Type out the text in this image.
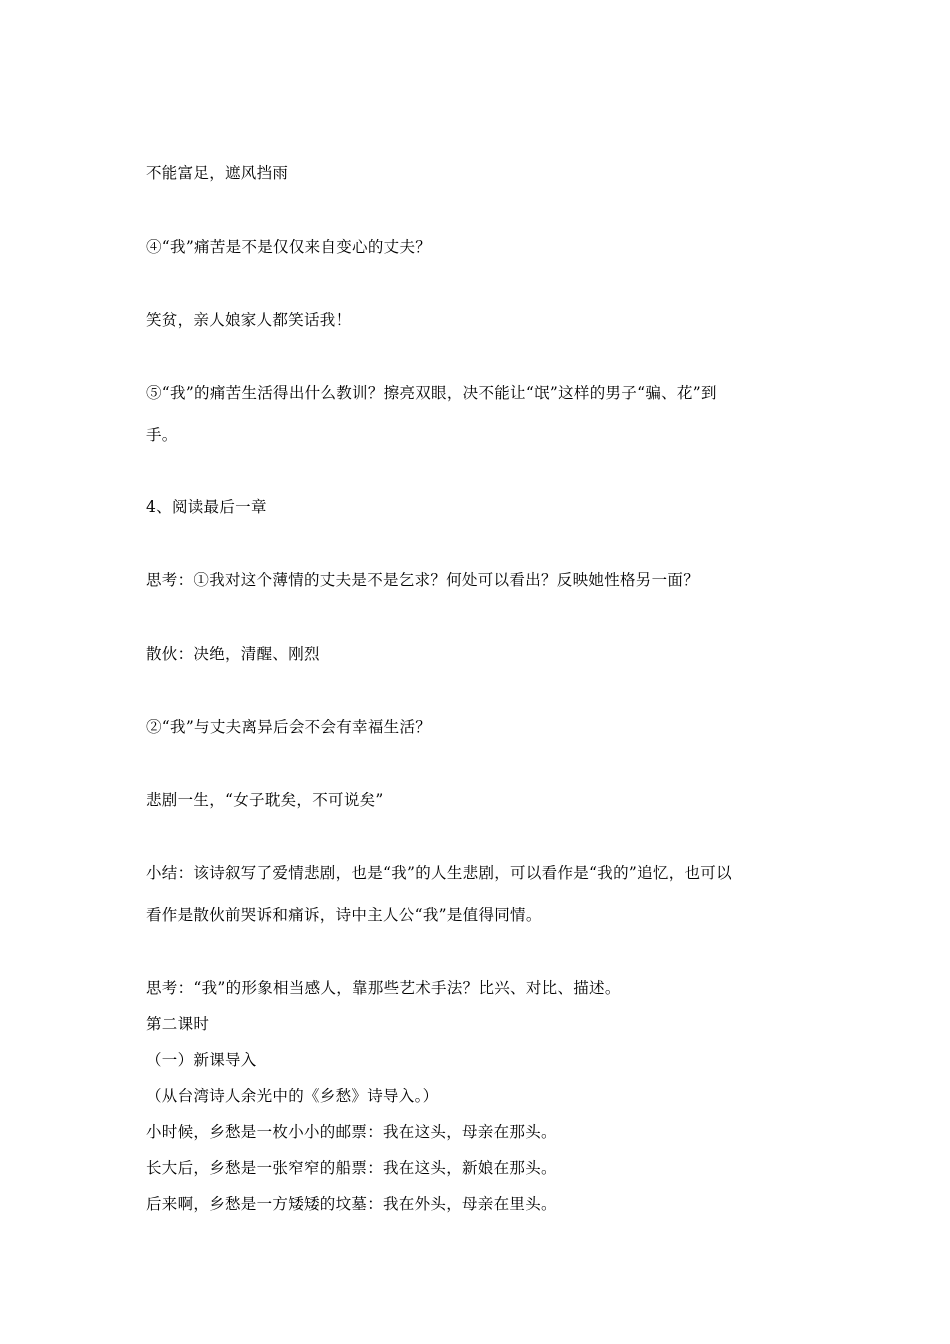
不能富足，遮风挡雨
④“我”痛苦是不是仅仅来自变心的丈夫？
笑贫，亲人娘家人都笑话我！
⑤“我”的痛苦生活得出什么教训？擦亮双眼，决不能让“氓”这样的男子“骗、花”到
手。
4、阅读最后一章
思考：①我对这个薄情的丈夫是不是乞求？何处可以看出？反映她性格另一面？
散伙：决绝，清醒、刚烈
②“我”与丈夫离异后会不会有幸福生活？
悲剧一生，“女子耽矣，不可说矣”
小结：该诗叙写了爱情悲剧，也是“我”的人生悲剧，可以看作是“我的”追忆，也可以
看作是散伙前哭诉和痛诉，诗中主人公“我”是值得同情。
思考：“我”的形象相当感人，靠那些艺术手法？比兴、对比、描述。
第二课时
（一）新课导入
（从台湾诗人余光中的《乡愁》诗导入。）
小时候，乡愁是一枚小小的邮票：我在这头，母亲在那头。
长大后，乡愁是一张窄窄的船票：我在这头，新娘在那头。
后来啊，乡愁是一方矮矮的坟墓：我在外头，母亲在里头。
